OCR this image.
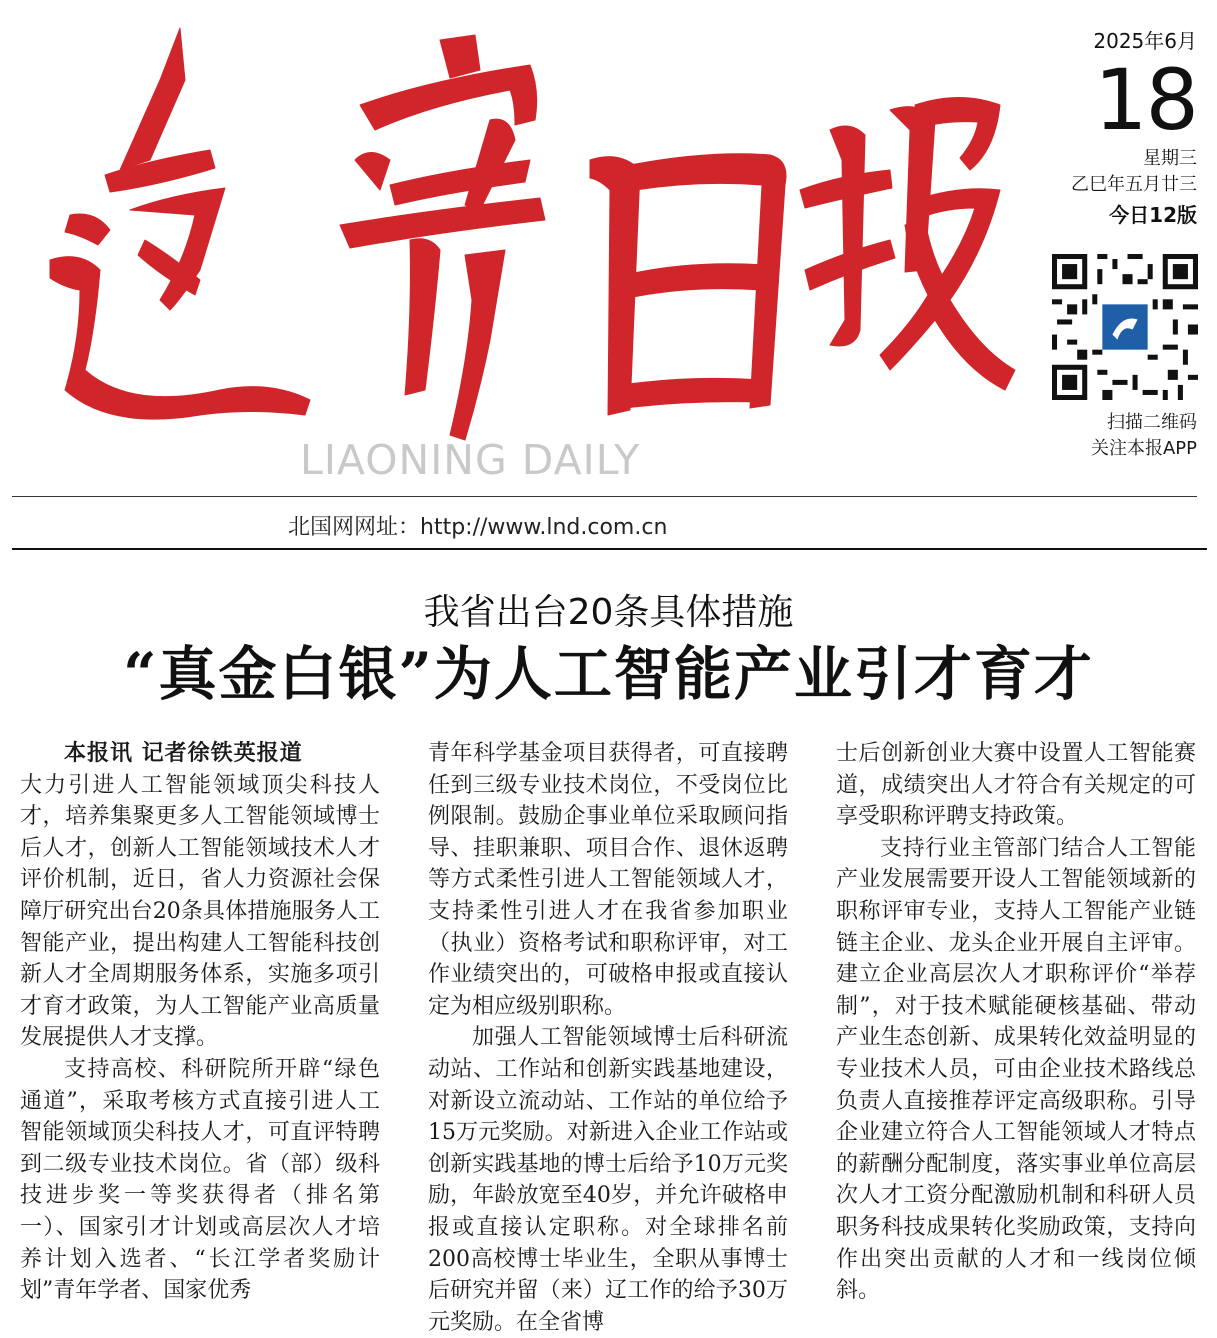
LIAONING DAILY
2025年6月
18
星期三
乙巳年五月廿三
今日12版
扫描二维码
关注本报APP
北国网网址：http://www.lnd.com.cn
我省出台20条具体措施
“真金白银”为人工智能产业引才育才

本报讯 记者徐铁英报道

大力引进人工智能领域顶尖科技人才，培养集聚更多人工智能领域博士后人才，创新人工智能领域技术人才评价机制，近日，省人力资源社会保障厅研究出台20条具体措施服务人工智能产业，提出构建人工智能科技创新人才全周期服务体系，实施多项引才育才政策，为人工智能产业高质量发展提供人才支撑。

支持高校、科研院所开辟“绿色通道”，采取考核方式直接引进人工智能领域顶尖科技人才，可直评特聘到二级专业技术岗位。省（部）级科技进步奖一等奖获得者（排名第一）、国家引才计划或高层次人才培养计划入选者、“长江学者奖励计划”青年学者、国家优秀

青年科学基金项目获得者，可直接聘任到三级专业技术岗位，不受岗位比例限制。鼓励企事业单位采取顾问指导、挂职兼职、项目合作、退休返聘等方式柔性引进人工智能领域人才，支持柔性引进人才在我省参加职业（执业）资格考试和职称评审，对工作业绩突出的，可破格申报或直接认定为相应级别职称。

加强人工智能领域博士后科研流动站、工作站和创新实践基地建设，对新设立流动站、工作站的单位给予15万元奖励。对新进入企业工作站或创新实践基地的博士后给予10万元奖励，年龄放宽至40岁，并允许破格申报或直接认定职称。对全球排名前200高校博士毕业生，全职从事博士后研究并留（来）辽工作的给予30万元奖励。在全省博

士后创新创业大赛中设置人工智能赛道，成绩突出人才符合有关规定的可享受职称评聘支持政策。

支持行业主管部门结合人工智能产业发展需要开设人工智能领域新的职称评审专业，支持人工智能产业链链主企业、龙头企业开展自主评审。建立企业高层次人才职称评价“举荐制”，对于技术赋能硬核基础、带动产业生态创新、成果转化效益明显的专业技术人员，可由企业技术路线总负责人直接推荐评定高级职称。引导企业建立符合人工智能领域人才特点的薪酬分配制度，落实事业单位高层次人才工资分配激励机制和科研人员职务科技成果转化奖励政策，支持向作出突出贡献的人才和一线岗位倾斜。
